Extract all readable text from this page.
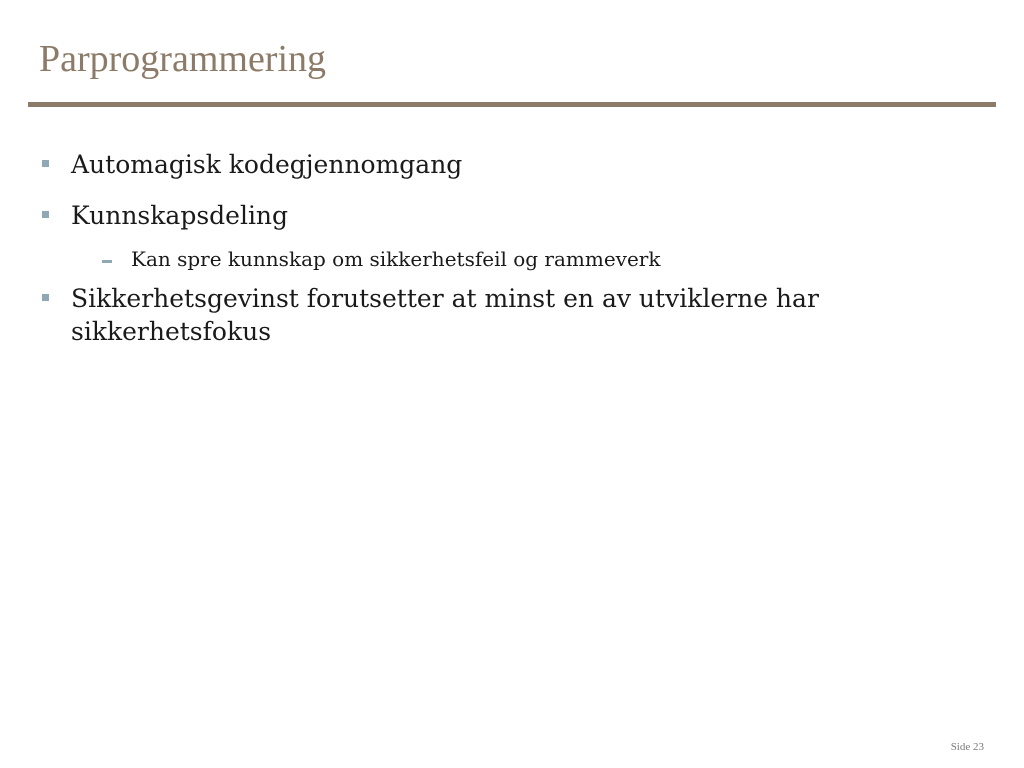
Parprogrammering
Automagisk kodegjennomgang
Kunnskapsdeling
Kan spre kunnskap om sikkerhetsfeil og rammeverk
Sikkerhetsgevinst forutsetter at minst en av utviklerne har sikkerhetsfokus
Side 23
